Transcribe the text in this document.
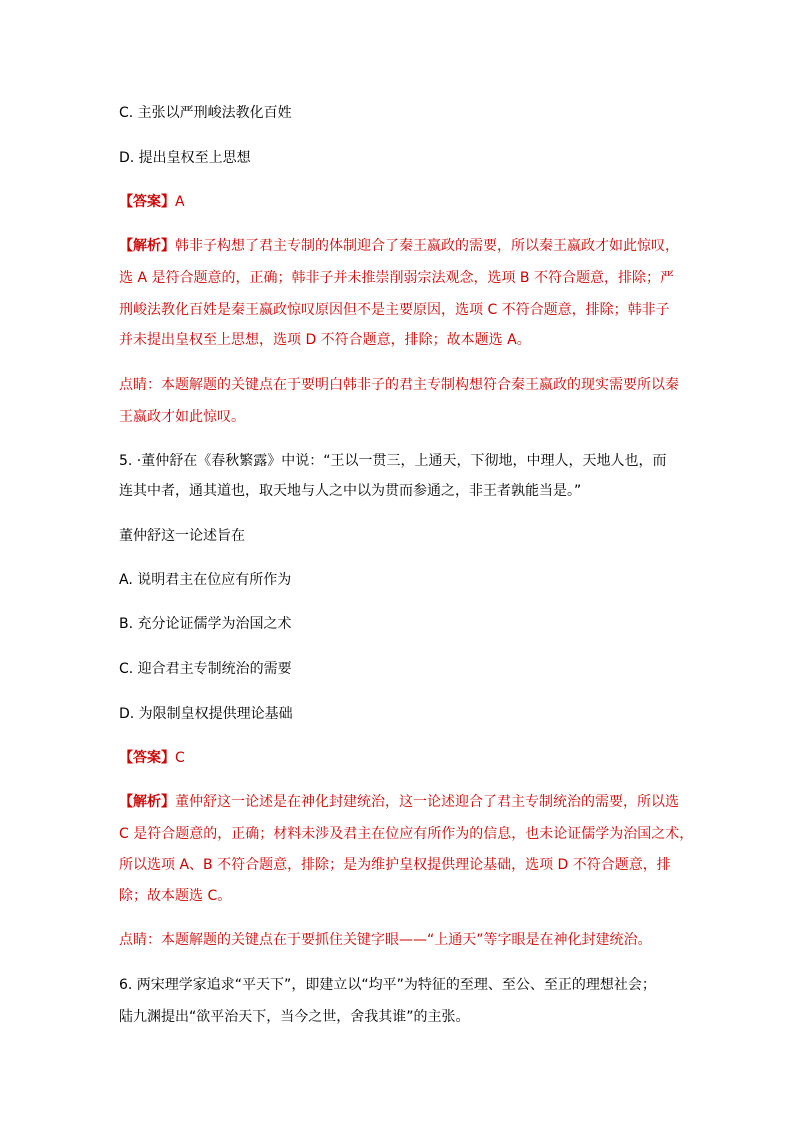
C. 主张以严刑峻法教化百姓
D. 提出皇权至上思想
【答案】A
【解析】韩非子构想了君主专制的体制迎合了秦王嬴政的需要，所以秦王嬴政才如此惊叹，
选 A 是符合题意的，正确；韩非子并未推崇削弱宗法观念，选项 B 不符合题意，排除；严
刑峻法教化百姓是秦王嬴政惊叹原因但不是主要原因，选项 C 不符合题意，排除；韩非子
并未提出皇权至上思想，选项 D 不符合题意，排除；故本题选 A。
点睛：本题解题的关键点在于要明白韩非子的君主专制构想符合秦王嬴政的现实需要所以秦
王嬴政才如此惊叹。
5. ·董仲舒在《春秋繁露》中说：“王以一贯三，上通天，下彻地，中理人，天地人也，而
连其中者，通其道也，取天地与人之中以为贯而参通之，非王者孰能当是。”
董仲舒这一论述旨在
A. 说明君主在位应有所作为
B. 充分论证儒学为治国之术
C. 迎合君主专制统治的需要
D. 为限制皇权提供理论基础
【答案】C
【解析】董仲舒这一论述是在神化封建统治，这一论述迎合了君主专制统治的需要，所以选
C 是符合题意的，正确；材料未涉及君主在位应有所作为的信息，也未论证儒学为治国之术，
所以选项 A、B 不符合题意，排除；是为维护皇权提供理论基础，选项 D 不符合题意，排
除；故本题选 C。
点睛：本题解题的关键点在于要抓住关键字眼——“上通天”等字眼是在神化封建统治。
6. 两宋理学家追求“平天下”，即建立以“均平”为特征的至理、至公、至正的理想社会；
陆九渊提出“欲平治天下，当今之世，舍我其谁”的主张。
